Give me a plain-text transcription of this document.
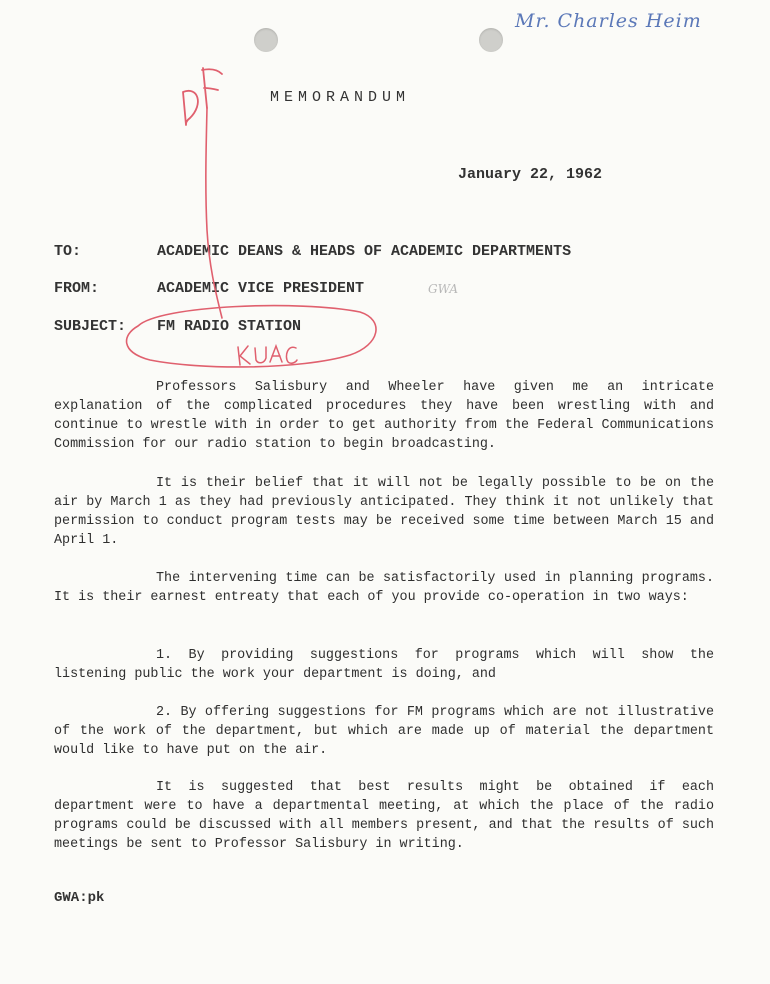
Mr. Charles Heim
MEMORANDUM
January 22, 1962
TO:	ACADEMIC DEANS & HEADS OF ACADEMIC DEPARTMENTS
FROM:	ACADEMIC VICE PRESIDENT	GWA
SUBJECT: FM RADIO STATION

Professors Salisbury and Wheeler have given me an intricate explanation of the complicated procedures they have been wrestling with and continue to wrestle with in order to get authority from the Federal Communications Commission for our radio station to begin broadcasting.

It is their belief that it will not be legally possible to be on the air by March 1 as they had previously anticipated. They think it not unlikely that permission to conduct program tests may be received some time between March 15 and April 1.

The intervening time can be satisfactorily used in planning programs. It is their earnest entreaty that each of you provide co-operation in two ways:

1. By providing suggestions for programs which will show the listening public the work your department is doing, and

2. By offering suggestions for FM programs which are not illustrative of the work of the department, but which are made up of material the department would like to have put on the air.

It is suggested that best results might be obtained if each department were to have a departmental meeting, at which the place of the radio programs could be discussed with all members present, and that the results of such meetings be sent to Professor Salisbury in writing.

GWA:pk
